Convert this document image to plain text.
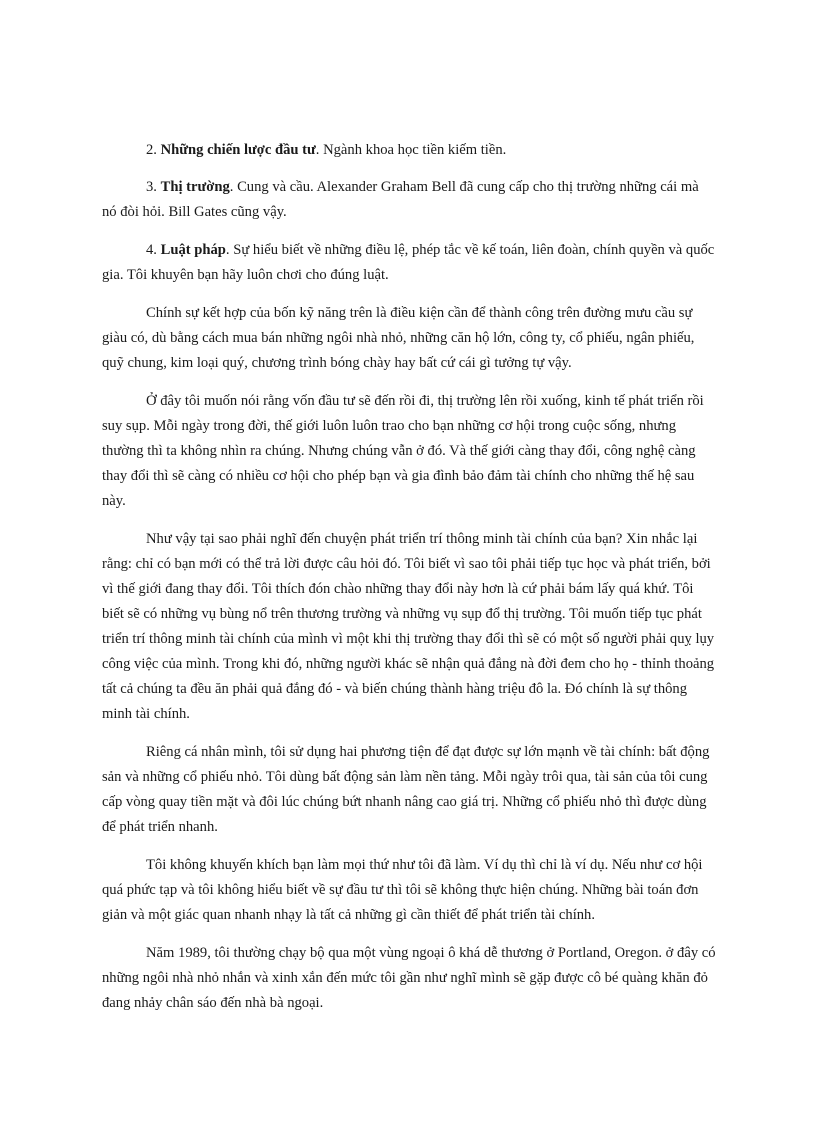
2. Những chiến lược đầu tư. Ngành khoa học tiền kiếm tiền.

3. Thị trường. Cung và cầu. Alexander Graham Bell đã cung cấp cho thị trường những cái mà nó đòi hỏi. Bill Gates cũng vậy.

4. Luật pháp. Sự hiểu biết về những điều lệ, phép tắc về kế toán, liên đoàn, chính quyền và quốc gia. Tôi khuyên bạn hãy luôn chơi cho đúng luật.

Chính sự kết hợp của bốn kỹ năng trên là điều kiện cần để thành công trên đường mưu cầu sự giàu có, dù bằng cách mua bán những ngôi nhà nhỏ, những căn hộ lớn, công ty, cổ phiếu, ngân phiếu, quỹ chung, kim loại quý, chương trình bóng chày hay bất cứ cái gì tưởng tự vậy.

Ở đây tôi muốn nói rằng vốn đầu tư sẽ đến rồi đi, thị trường lên rồi xuống, kinh tế phát triển rồi suy sụp. Mỗi ngày trong đời, thế giới luôn luôn trao cho bạn những cơ hội trong cuộc sống, nhưng thường thì ta không nhìn ra chúng. Nhưng chúng vẫn ở đó. Và thế giới càng thay đổi, công nghệ càng thay đổi thì sẽ càng có nhiều cơ hội cho phép bạn và gia đình bảo đảm tài chính cho những thế hệ sau này.

Như vậy tại sao phải nghĩ đến chuyện phát triển trí thông minh tài chính của bạn? Xin nhắc lại rằng: chỉ có bạn mới có thể trả lời được câu hỏi đó. Tôi biết vì sao tôi phải tiếp tục học và phát triển, bởi vì thế giới đang thay đổi. Tôi thích đón chào những thay đổi này hơn là cứ phải bám lấy quá khứ. Tôi biết sẽ có những vụ bùng nổ trên thương trường và những vụ sụp đổ thị trường. Tôi muốn tiếp tục phát triển trí thông minh tài chính của mình vì một khi thị trường thay đổi thì sẽ có một số người phải quỵ lụy công việc của mình. Trong khi đó, những người khác sẽ nhận quả đắng nà đời đem cho họ - thỉnh thoảng tất cả chúng ta đều ăn phải quả đắng đó - và biến chúng thành hàng triệu đô la. Đó chính là sự thông minh tài chính.

Riêng cá nhân mình, tôi sử dụng hai phương tiện để đạt được sự lớn mạnh về tài chính: bất động sản và những cổ phiếu nhỏ. Tôi dùng bất động sản làm nền tảng. Mỗi ngày trôi qua, tài sản của tôi cung cấp vòng quay tiền mặt và đôi lúc chúng bứt nhanh nâng cao giá trị. Những cổ phiếu nhỏ thì được dùng để phát triển nhanh.

Tôi không khuyến khích bạn làm mọi thứ như tôi đã làm. Ví dụ thì chỉ là ví dụ. Nếu như cơ hội quá phức tạp và tôi không hiểu biết về sự đầu tư thì tôi sẽ không thực hiện chúng. Những bài toán đơn giản và một giác quan nhanh nhạy là tất cả những gì cần thiết để phát triển tài chính.

Năm 1989, tôi thường chạy bộ qua một vùng ngoại ô khá dễ thương ở Portland, Oregon. ở đây có những ngôi nhà nhỏ nhắn và xinh xắn đến mức tôi gần như nghĩ mình sẽ gặp được cô bé quàng khăn đỏ đang nhảy chân sáo đến nhà bà ngoại.
